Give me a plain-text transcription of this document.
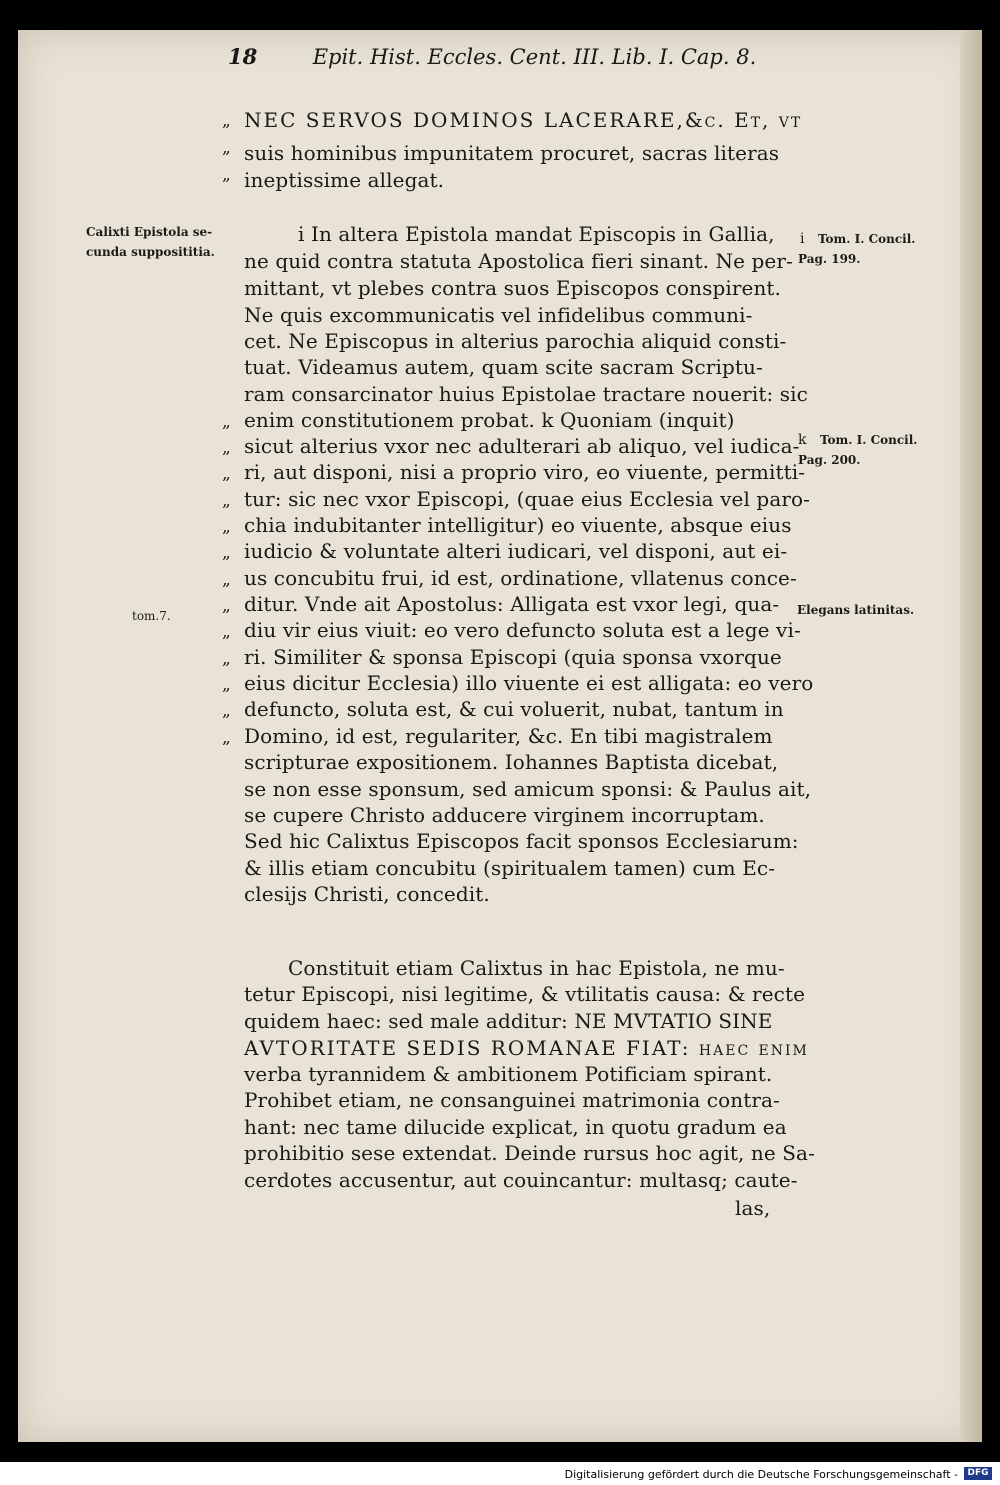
18	Epit. Hist. Eccles. Cent. III. Lib. I. Cap. 8.
NEC SERVOS DOMINOS LACERARE,&c. Et, vt
suis hominibus impunitatem procuret, sacras literas
ineptissime allegat.
i In altera Epistola mandat Episcopis in Gallia,
ne quid contra statuta Apostolica fieri sinant. Ne per-
mittant, vt plebes contra suos Episcopos conspirent.
Ne quis excommunicatis vel infidelibus communi-
cet. Ne Episcopus in alterius parochia aliquid consti-
tuat. Videamus autem, quam scite sacram Scriptu-
ram consarcinator huius Epistolae tractare nouerit: sic
enim constitutionem probat. k Quoniam (inquit)
sicut alterius vxor nec adulterari ab aliquo, vel iudica-
ri, aut disponi, nisi a proprio viro, eo viuente, permitti-
tur: sic nec vxor Episcopi, (quae eius Ecclesia vel paro-
chia indubitanter intelligitur) eo viuente, absque eius
iudicio & voluntate alteri iudicari, vel disponi, aut ei-
us concubitu frui, id est, ordinatione, vllatenus conce-
ditur. Vnde ait Apostolus: Alligata est vxor legi, qua-
diu vir eius viuit: eo vero defuncto soluta est a lege vi-
ri. Similiter & sponsa Episcopi (quia sponsa vxorque
eius dicitur Ecclesia) illo viuente ei est alligata: eo vero
defuncto, soluta est, & cui voluerit, nubat, tantum in
Domino, id est, regulariter, &c. En tibi magistralem
scripturae expositionem. Iohannes Baptista dicebat,
se non esse sponsum, sed amicum sponsi: & Paulus ait,
se cupere Christo adducere virginem incorruptam.
Sed hic Calixtus Episcopos facit sponsos Ecclesiarum:
& illis etiam concubitu (spiritualem tamen) cum Ec-
clesijs Christi, concedit.
Constituit etiam Calixtus in hac Epistola, ne mu-
tetur Episcopi, nisi legitime, & vtilitatis causa: & recte
quidem haec: sed male additur: NE MVTATIO SINE
AVTORITATE SEDIS ROMANAE FIAT: haec enim
verba tyrannidem & ambitionem Potificiam spirant.
Prohibet etiam, ne consanguinei matrimonia contra-
hant: nec tame dilucide explicat, in quotu gradum ea
prohibitio sese extendat. Deinde rursus hoc agit, ne Sa-
cerdotes accusentur, aut couincantur: multasq; caute-
las,
„
„
„
„
„
„
„
„
„
„
„
„
„
„
„
„
Calixti Epistola se-
cunda supposititia.
tom.7.
i Tom. I. Concil.
Pag. 199.
k Tom. I. Concil.
Pag. 200.
Elegans latinitas.
Digitalisierung gefördert durch die Deutsche Forschungsgemeinschaft -	DFG
